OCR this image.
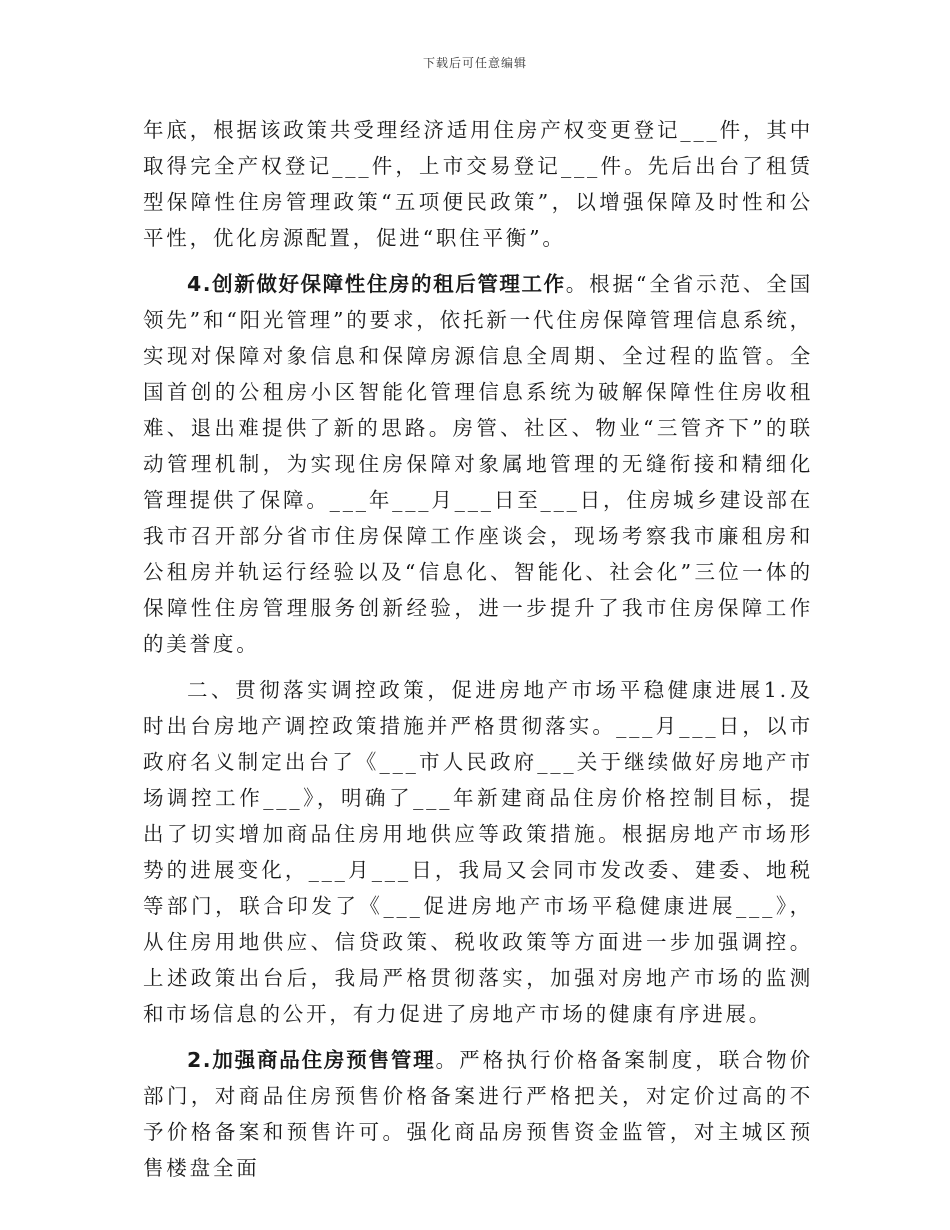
下载后可任意编辑

年底，根据该政策共受理经济适用住房产权变更登记___件，其中取得完全产权登记___件，上市交易登记___件。先后出台了租赁型保障性住房管理政策“五项便民政策”，以增强保障及时性和公平性，优化房源配置，促进“职住平衡”。

4.创新做好保障性住房的租后管理工作。根据“全省示范、全国领先”和“阳光管理”的要求，依托新一代住房保障管理信息系统，实现对保障对象信息和保障房源信息全周期、全过程的监管。全国首创的公租房小区智能化管理信息系统为破解保障性住房收租难、退出难提供了新的思路。房管、社区、物业“三管齐下”的联动管理机制，为实现住房保障对象属地管理的无缝衔接和精细化管理提供了保障。___年___月___日至___日，住房城乡建设部在我市召开部分省市住房保障工作座谈会，现场考察我市廉租房和公租房并轨运行经验以及“信息化、智能化、社会化”三位一体的保障性住房管理服务创新经验，进一步提升了我市住房保障工作的美誉度。

二、贯彻落实调控政策，促进房地产市场平稳健康进展1.及时出台房地产调控政策措施并严格贯彻落实。___月___日，以市政府名义制定出台了《___市人民政府___关于继续做好房地产市场调控工作___》，明确了___年新建商品住房价格控制目标，提出了切实增加商品住房用地供应等政策措施。根据房地产市场形势的进展变化，___月___日，我局又会同市发改委、建委、地税等部门，联合印发了《___促进房地产市场平稳健康进展___》，从住房用地供应、信贷政策、税收政策等方面进一步加强调控。上述政策出台后，我局严格贯彻落实，加强对房地产市场的监测和市场信息的公开，有力促进了房地产市场的健康有序进展。

2.加强商品住房预售管理。严格执行价格备案制度，联合物价部门，对商品住房预售价格备案进行严格把关，对定价过高的不予价格备案和预售许可。强化商品房预售资金监管，对主城区预售楼盘全面
